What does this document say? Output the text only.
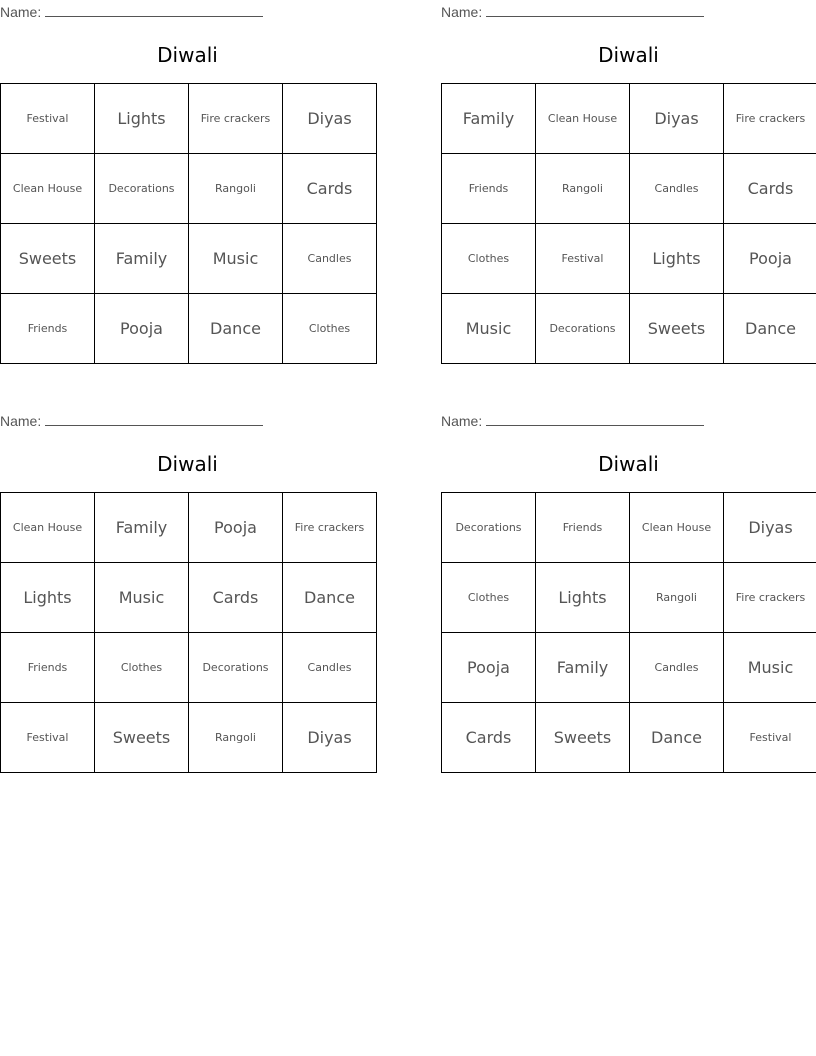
Name:
Diwali
Festival	Lights	Fire crackers	Diyas
Clean House	Decorations	Rangoli	Cards
Sweets	Family	Music	Candles
Friends	Pooja	Dance	Clothes
Name:
Diwali
Family	Clean House	Diyas	Fire crackers
Friends	Rangoli	Candles	Cards
Clothes	Festival	Lights	Pooja
Music	Decorations	Sweets	Dance
Name:
Diwali
Clean House	Family	Pooja	Fire crackers
Lights	Music	Cards	Dance
Friends	Clothes	Decorations	Candles
Festival	Sweets	Rangoli	Diyas
Name:
Diwali
Decorations	Friends	Clean House	Diyas
Clothes	Lights	Rangoli	Fire crackers
Pooja	Family	Candles	Music
Cards	Sweets	Dance	Festival
